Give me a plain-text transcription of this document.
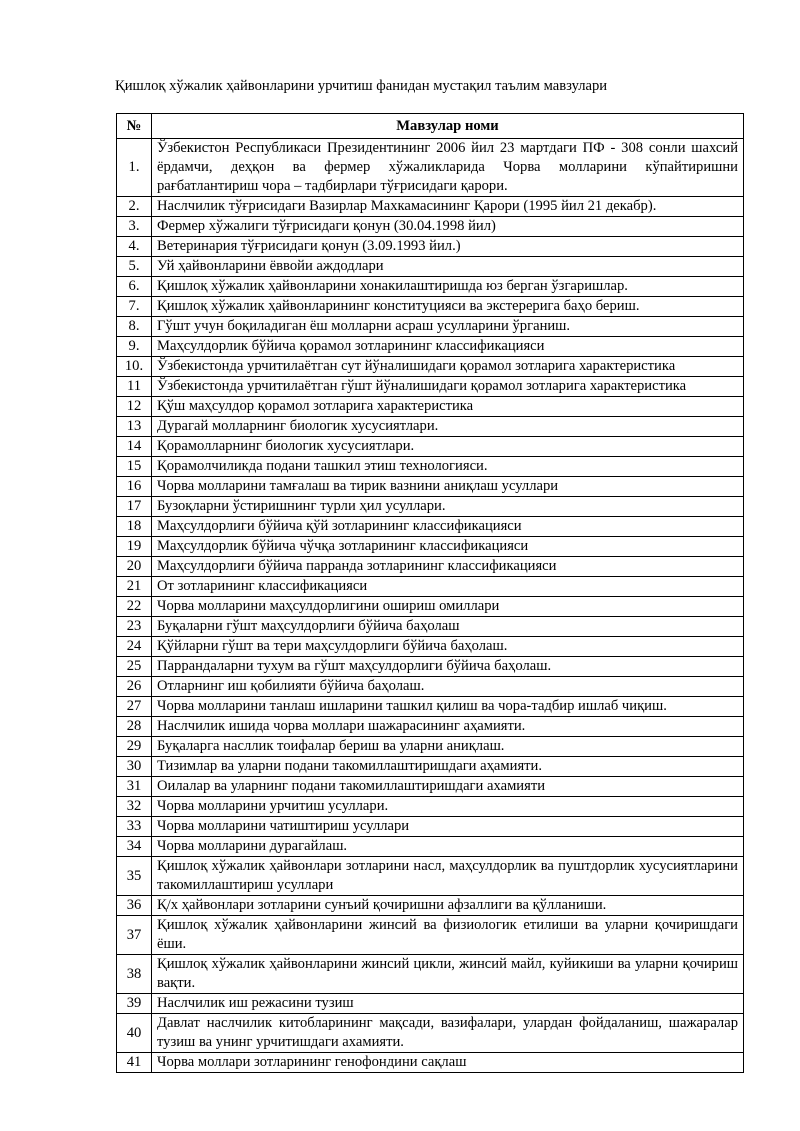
Қишлоқ хўжалик ҳайвонларини урчитиш фанидан мустақил таълим мавзулари
№	Мавзулар номи
1.	Ўзбекистон Республикаси Президентининг 2006 йил 23 мартдаги ПФ - 308 сонли шахсий ёрдамчи, деҳқон ва фермер хўжаликларида Чорва молларини кўпайтиришни рағбатлантириш чора – тадбирлари тўғрисидаги қарори.
2.	Наслчилик тўғрисидаги Вазирлар Махкамасининг Қарори (1995 йил 21 декабр).
3.	Фермер хўжалиги тўғрисидаги қонун (30.04.1998 йил)
4.	Ветеринария тўғрисидаги қонун (3.09.1993 йил.)
5.	Уй ҳайвонларини ёввойи аждодлари
6.	Қишлоқ хўжалик ҳайвонларини хонакилаштиришда юз берган ўзгаришлар.
7.	Қишлоқ хўжалик ҳайвонларининг конституцияси ва экстерерига баҳо бериш.
8.	Гўшт учун боқиладиган ёш молларни асраш усулларини ўрганиш.
9.	Маҳсулдорлик бўйича қорамол зотларининг классификацияси
10.	Ўзбекистонда урчитилаётган сут йўналишидаги қорамол зотларига характеристика
11	Ўзбекистонда урчитилаётган гўшт йўналишидаги қорамол зотларига характеристика
12	Қўш маҳсулдор қорамол зотларига характеристика
13	Дурагай молларнинг биологик хусусиятлари.
14	Қорамолларнинг биологик хусусиятлари.
15	Қорамолчиликда подани ташкил этиш технологияси.
16	Чорва молларини тамғалаш ва тирик вазнини аниқлаш усуллари
17	Бузоқларни ўстиришнинг турли ҳил усуллари.
18	Маҳсулдорлиги бўйича қўй зотларининг классификацияси
19	Маҳсулдорлик бўйича чўчқа зотларининг классификацияси
20	Маҳсулдорлиги бўйича парранда зотларининг классификацияси
21	От зотларининг классификацияси
22	Чорва молларини маҳсулдорлигини ошириш омиллари
23	Буқаларни гўшт маҳсулдорлиги бўйича баҳолаш
24	Қўйларни гўшт ва тери маҳсулдорлиги бўйича баҳолаш.
25	Паррандаларни тухум ва гўшт маҳсулдорлиги бўйича баҳолаш.
26	Отларнинг иш қобилияти бўйича баҳолаш.
27	Чорва молларини танлаш ишларини ташкил қилиш ва чора-тадбир ишлаб чиқиш.
28	Наслчилик ишида чорва моллари шажарасининг аҳамияти.
29	Буқаларга насллик тоифалар бериш ва уларни аниқлаш.
30	Тизимлар ва уларни подани такомиллаштиришдаги аҳамияти.
31	Оилалар ва уларнинг подани такомиллаштиришдаги ахамияти
32	Чорва молларини урчитиш усуллари.
33	Чорва молларини чатиштириш усуллари
34	Чорва молларини дурагайлаш.
35	Қишлоқ хўжалик ҳайвонлари зотларини насл, маҳсулдорлик ва пуштдорлик хусусиятларини такомиллаштириш усуллари
36	Қ/х ҳайвонлари зотларини сунъий қочиришни афзаллиги ва қўлланиши.
37	Қишлоқ хўжалик ҳайвонларини жинсий ва физиологик етилиши ва уларни қочиришдаги ёши.
38	Қишлоқ хўжалик ҳайвонларини жинсий цикли, жинсий майл, куйикиши ва уларни қочириш вақти.
39	Наслчилик иш режасини тузиш
40	Давлат наслчилик китобларининг мақсади, вазифалари, улардан фойдаланиш, шажаралар тузиш ва унинг урчитишдаги ахамияти.
41	Чорва моллари зотларининг генофондини сақлаш
